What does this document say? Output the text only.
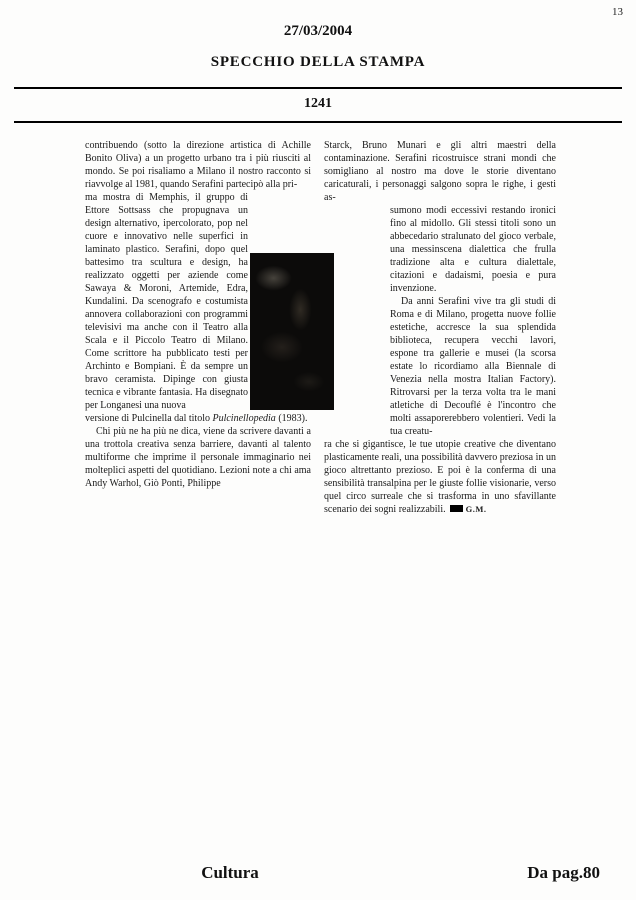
13
27/03/2004
SPECCHIO DELLA STAMPA
1241

contribuendo (sotto la direzione artistica di Achille Bonito Oliva) a un progetto urbano tra i più riusciti al mondo. Se poi risaliamo a Milano il nostro racconto si riavvolge al 1981, quando Serafini partecipò alla pri-

ma mostra di Memphis, il gruppo di Ettore Sottsass che propugnava un design alternativo, ipercolorato, pop nel cuore e innovativo nelle superfici in laminato plastico. Serafini, dopo quel battesimo tra scultura e design, ha realizzato oggetti per aziende come Sawaya & Moroni, Artemide, Edra, Kundalini. Da scenografo e costumista annovera collaborazioni con programmi televisivi ma anche con il Teatro alla Scala e il Piccolo Teatro di Milano. Come scrittore ha pubblicato testi per Archinto e Bompiani. È da sempre un bravo ceramista. Dipinge con giusta tecnica e vibrante fantasia. Ha disegnato per Longanesi una nuova

versione di Pulcinella dal titolo Pulcinellopedia (1983).

Chi più ne ha più ne dica, viene da scrivere davanti a una trottola creativa senza barriere, davanti al talento multiforme che imprime il personale immaginario nei molteplici aspetti del quotidiano. Lezioni note a chi ama Andy Warhol, Giò Ponti, Philippe

Starck, Bruno Munari e gli altri maestri della contaminazione. Serafini ricostruisce strani mondi che somigliano al nostro ma dove le storie diventano caricaturali, i personaggi salgono sopra le righe, i gesti as-

sumono modi eccessivi restando ironici fino al midollo. Gli stessi titoli sono un abbecedario stralunato del gioco verbale, una messinscena dialettica che frulla tradizione alta e cultura dialettale, citazioni e dadaismi, poesia e pura invenzione.

Da anni Serafini vive tra gli studi di Roma e di Milano, progetta nuove follie estetiche, accresce la sua splendida biblioteca, recupera vecchi lavori, espone tra gallerie e musei (la scorsa estate lo ricordiamo alla Biennale di Venezia nella mostra Italian Factory). Ritrovarsi per la terza volta tra le mani atletiche di Decouflé è l'incontro che molti assaporerebbero volentieri. Vedi la tua creatu-

ra che si gigantisce, le tue utopie creative che diventano plasticamente reali, una possibilità davvero preziosa in un gioco altrettanto prezioso. E poi è la conferma di una sensibilità transalpina per le giuste follie visionarie, verso quel circo surreale che si trasforma in uno sfavillante scenario dei sogni realizzabili. G.M.

Cultura	Da pag.80
